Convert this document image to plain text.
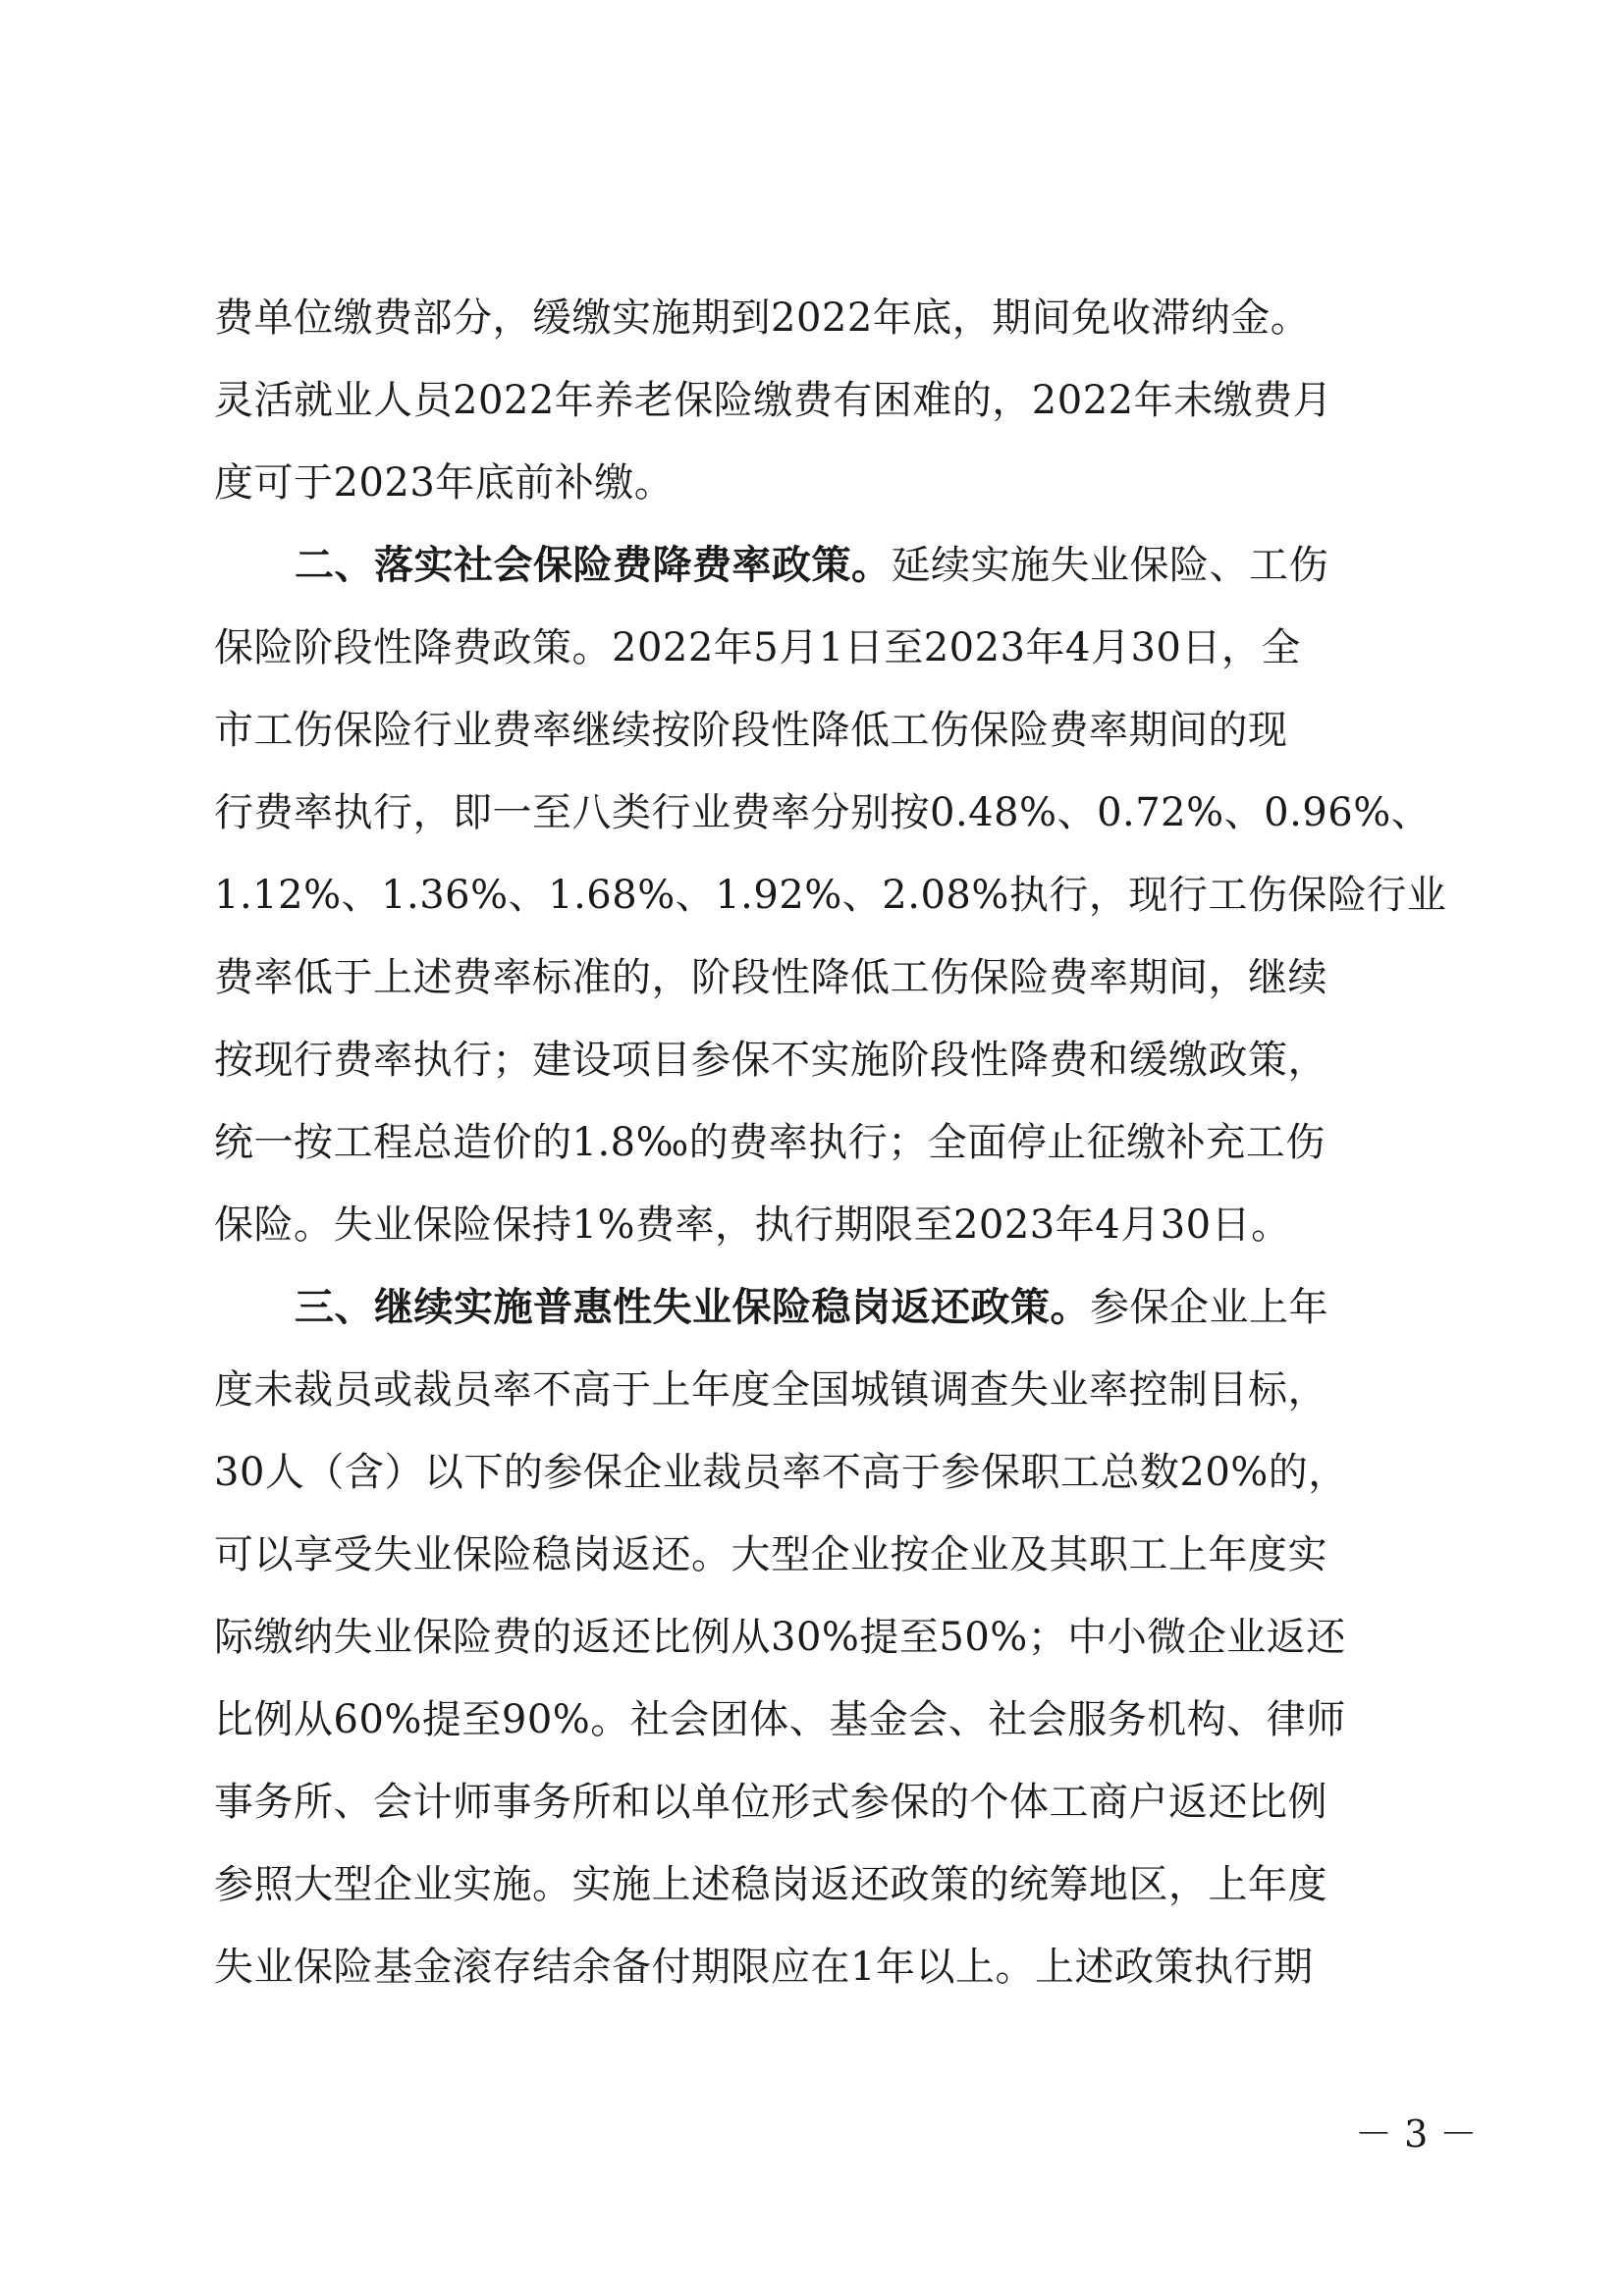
费单位缴费部分，缓缴实施期到2022年底，期间免收滞纳金。
灵活就业人员2022年养老保险缴费有困难的，2022年未缴费月
度可于2023年底前补缴。
二、落实社会保险费降费率政策。延续实施失业保险、工伤
保险阶段性降费政策。2022年5月1日至2023年4月30日，全
市工伤保险行业费率继续按阶段性降低工伤保险费率期间的现
行费率执行，即一至八类行业费率分别按0.48%、0.72%、0.96%、
1.12%、1.36%、1.68%、1.92%、2.08%执行，现行工伤保险行业
费率低于上述费率标准的，阶段性降低工伤保险费率期间，继续
按现行费率执行；建设项目参保不实施阶段性降费和缓缴政策，
统一按工程总造价的1.8‰的费率执行；全面停止征缴补充工伤
保险。失业保险保持1%费率，执行期限至2023年4月30日。
三、继续实施普惠性失业保险稳岗返还政策。参保企业上年
度未裁员或裁员率不高于上年度全国城镇调查失业率控制目标，
30人（含）以下的参保企业裁员率不高于参保职工总数20%的，
可以享受失业保险稳岗返还。大型企业按企业及其职工上年度实
际缴纳失业保险费的返还比例从30%提至50%；中小微企业返还
比例从60%提至90%。社会团体、基金会、社会服务机构、律师
事务所、会计师事务所和以单位形式参保的个体工商户返还比例
参照大型企业实施。实施上述稳岗返还政策的统筹地区，上年度
失业保险基金滚存结余备付期限应在1年以上。上述政策执行期
－ 3 －
